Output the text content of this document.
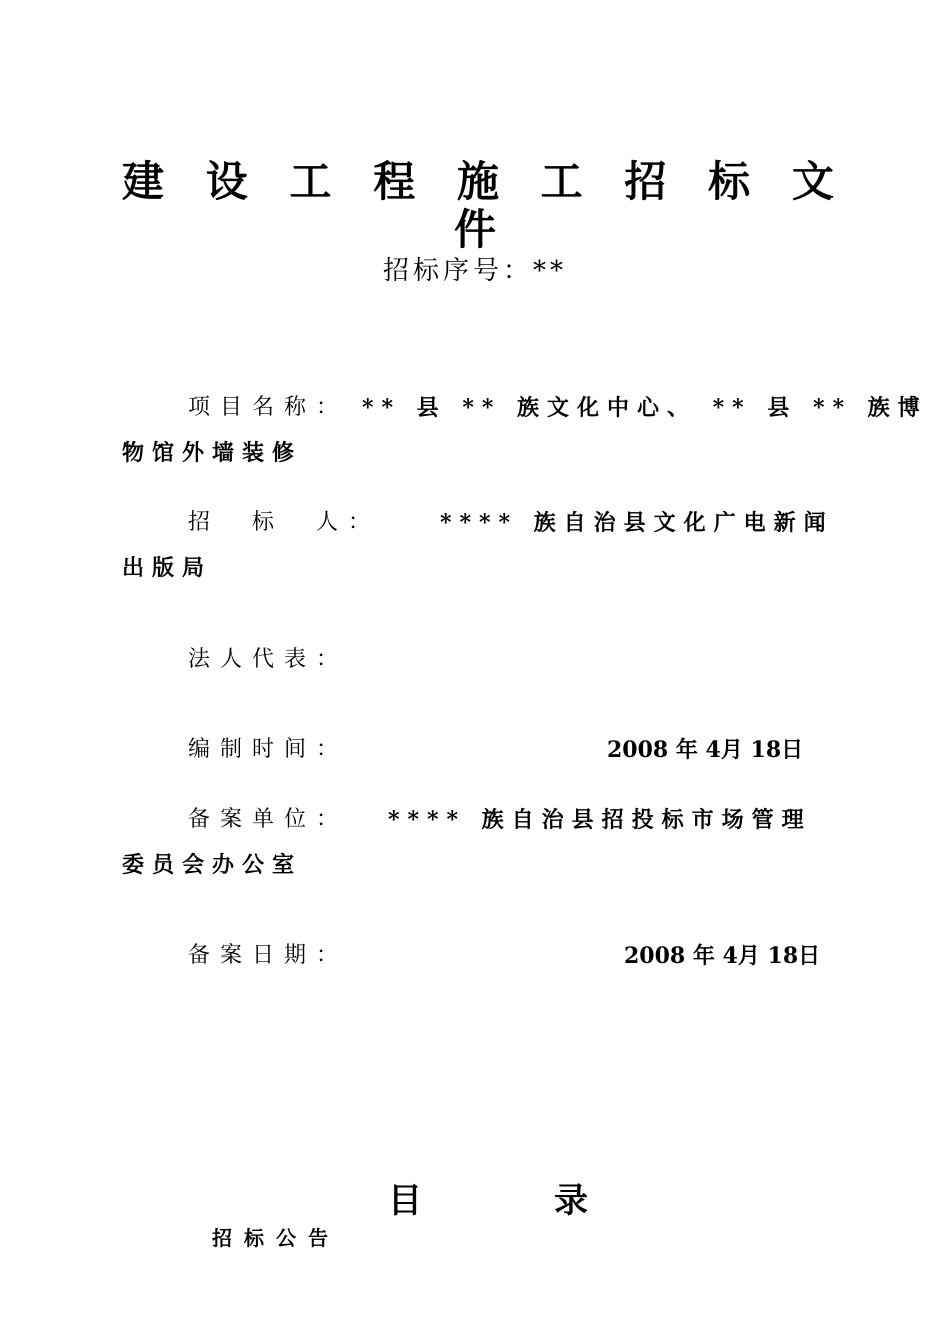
建 设 工 程 施 工 招 标 文
件
招标序号：**
项目名称： ** 县 ** 族文化中心、 ** 县 ** 族博
物馆外墙装修
招　标　人：	**** 族自治县文化广电新闻
出版局
法人代表：
编制时间：	2008 年 4月 18日
备案单位： **** 族自治县招投标市场管理
委员会办公室
备案日期：	2008 年 4月 18日
目	录
招标公告
